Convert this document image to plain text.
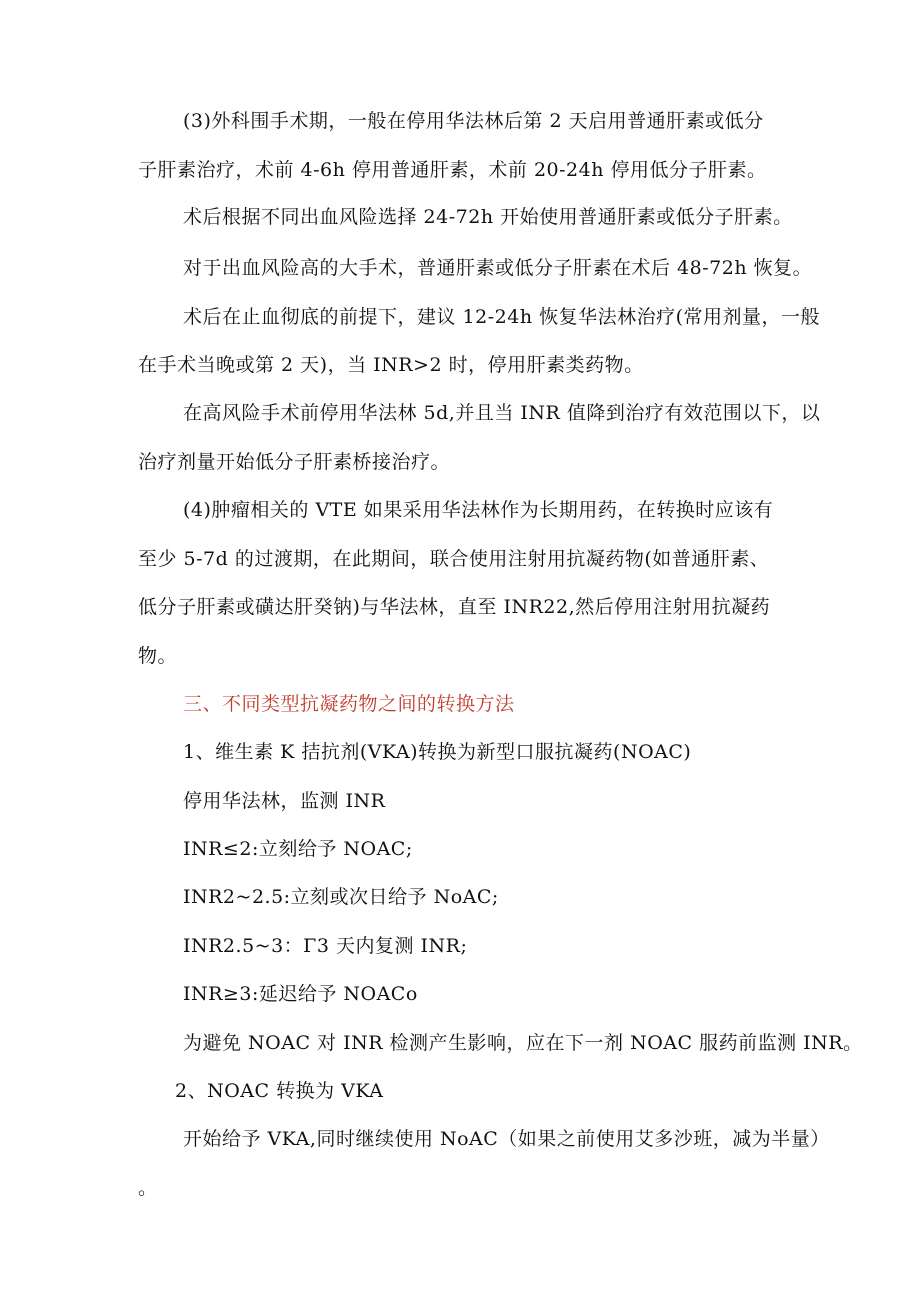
(3)外科围手术期，一般在停用华法林后第 2 天启用普通肝素或低分
子肝素治疗，术前 4-6h 停用普通肝素，术前 20-24h 停用低分子肝素。
术后根据不同出血风险选择 24-72h 开始使用普通肝素或低分子肝素。
对于出血风险高的大手术，普通肝素或低分子肝素在术后 48-72h 恢复。
术后在止血彻底的前提下，建议 12-24h 恢复华法林治疗(常用剂量，一般
在手术当晚或第 2 天)，当 INR>2 时，停用肝素类药物。
在高风险手术前停用华法林 5d,并且当 INR 值降到治疗有效范围以下，以
治疗剂量开始低分子肝素桥接治疗。
(4)肿瘤相关的 VTE 如果采用华法林作为长期用药，在转换时应该有
至少 5-7d 的过渡期，在此期间，联合使用注射用抗凝药物(如普通肝素、
低分子肝素或磺达肝癸钠)与华法林，直至 INR22,然后停用注射用抗凝药
物。
三、不同类型抗凝药物之间的转换方法
1、维生素 K 拮抗剂(VKA)转换为新型口服抗凝药(NOAC)
停用华法林，监测 INR
INR≤2:立刻给予 NOAC;
INR2~2.5:立刻或次日给予 NoAC;
INR2.5~3：Γ3 天内复测 INR;
INR≥3:延迟给予 NOACo
为避免 NOAC 对 INR 检测产生影响，应在下一剂 NOAC 服药前监测 INR。
2、NOAC 转换为 VKA
开始给予 VKA,同时继续使用 NoAC（如果之前使用艾多沙班，减为半量）
。
